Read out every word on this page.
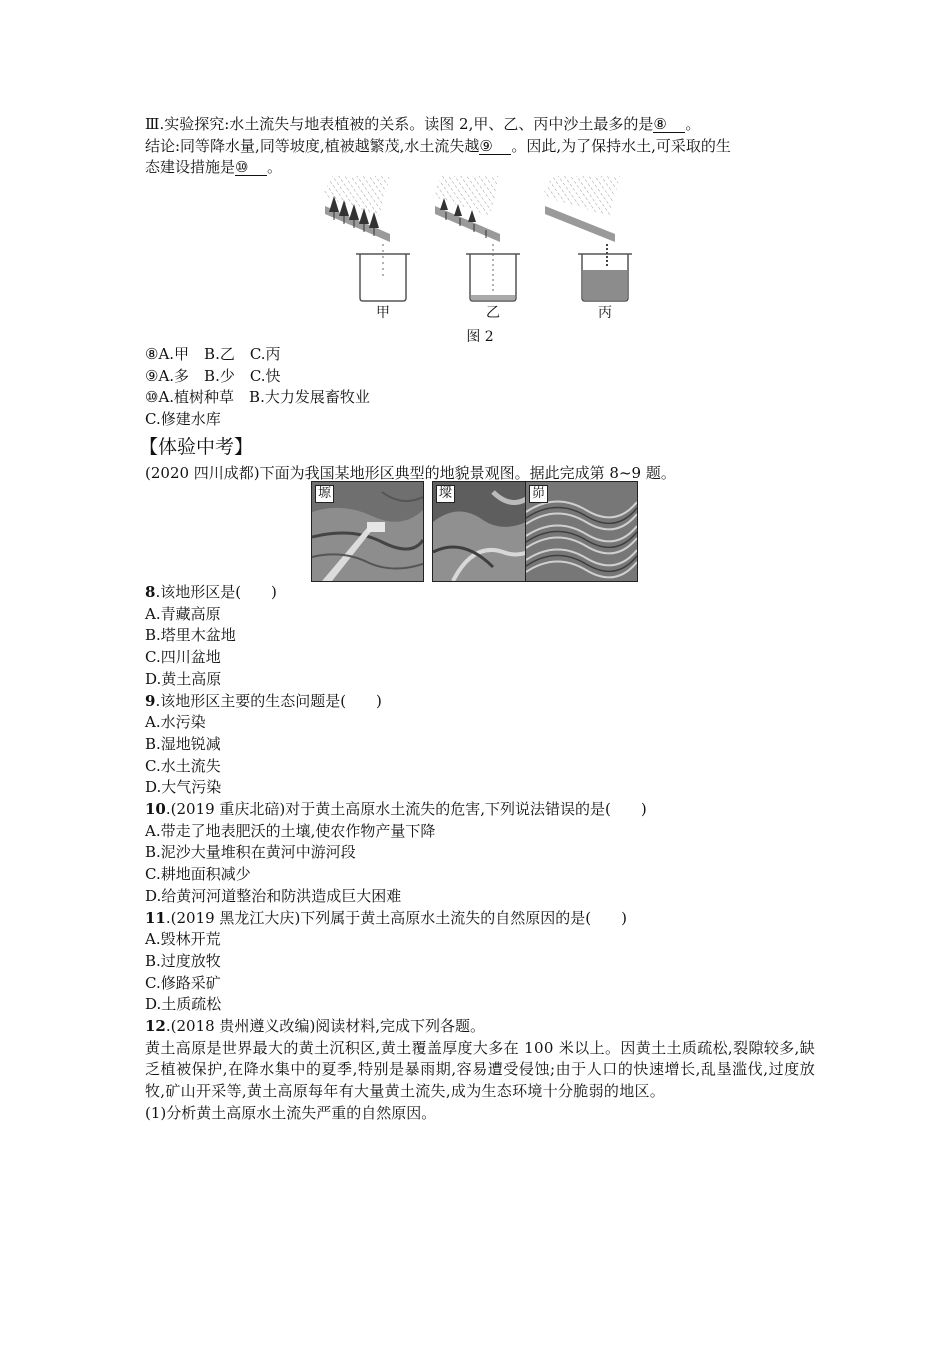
Ⅲ.实验探究:水土流失与地表植被的关系。读图 2,甲、乙、丙中沙土最多的是⑧ 。
结论:同等降水量,同等坡度,植被越繁茂,水土流失越⑨ 。因此,为了保持水土,可采取的生
态建设措施是⑩ 。
甲	乙	丙
图 2
⑧A.甲　B.乙　C.丙
⑨A.多　B.少　C.快
⑩A.植树种草　B.大力发展畜牧业
C.修建水库
【体验中考】
(2020 四川成都)下面为我国某地形区典型的地貌景观图。据此完成第 8~9 题。
塬	墚	峁
8.该地形区是(　　)
A.青藏高原
B.塔里木盆地
C.四川盆地
D.黄土高原
9.该地形区主要的生态问题是(　　)
A.水污染
B.湿地锐减
C.水土流失
D.大气污染
10.(2019 重庆北碚)对于黄土高原水土流失的危害,下列说法错误的是(　　)
A.带走了地表肥沃的土壤,使农作物产量下降
B.泥沙大量堆积在黄河中游河段
C.耕地面积减少
D.给黄河河道整治和防洪造成巨大困难
11.(2019 黑龙江大庆)下列属于黄土高原水土流失的自然原因的是(　　)
A.毁林开荒
B.过度放牧
C.修路采矿
D.土质疏松
12.(2018 贵州遵义改编)阅读材料,完成下列各题。
黄土高原是世界最大的黄土沉积区,黄土覆盖厚度大多在 100 米以上。因黄土土质疏松,裂隙较多,缺乏植被保护,在降水集中的夏季,特别是暴雨期,容易遭受侵蚀;由于人口的快速增长,乱垦滥伐,过度放牧,矿山开采等,黄土高原每年有大量黄土流失,成为生态环境十分脆弱的地区。
(1)分析黄土高原水土流失严重的自然原因。
